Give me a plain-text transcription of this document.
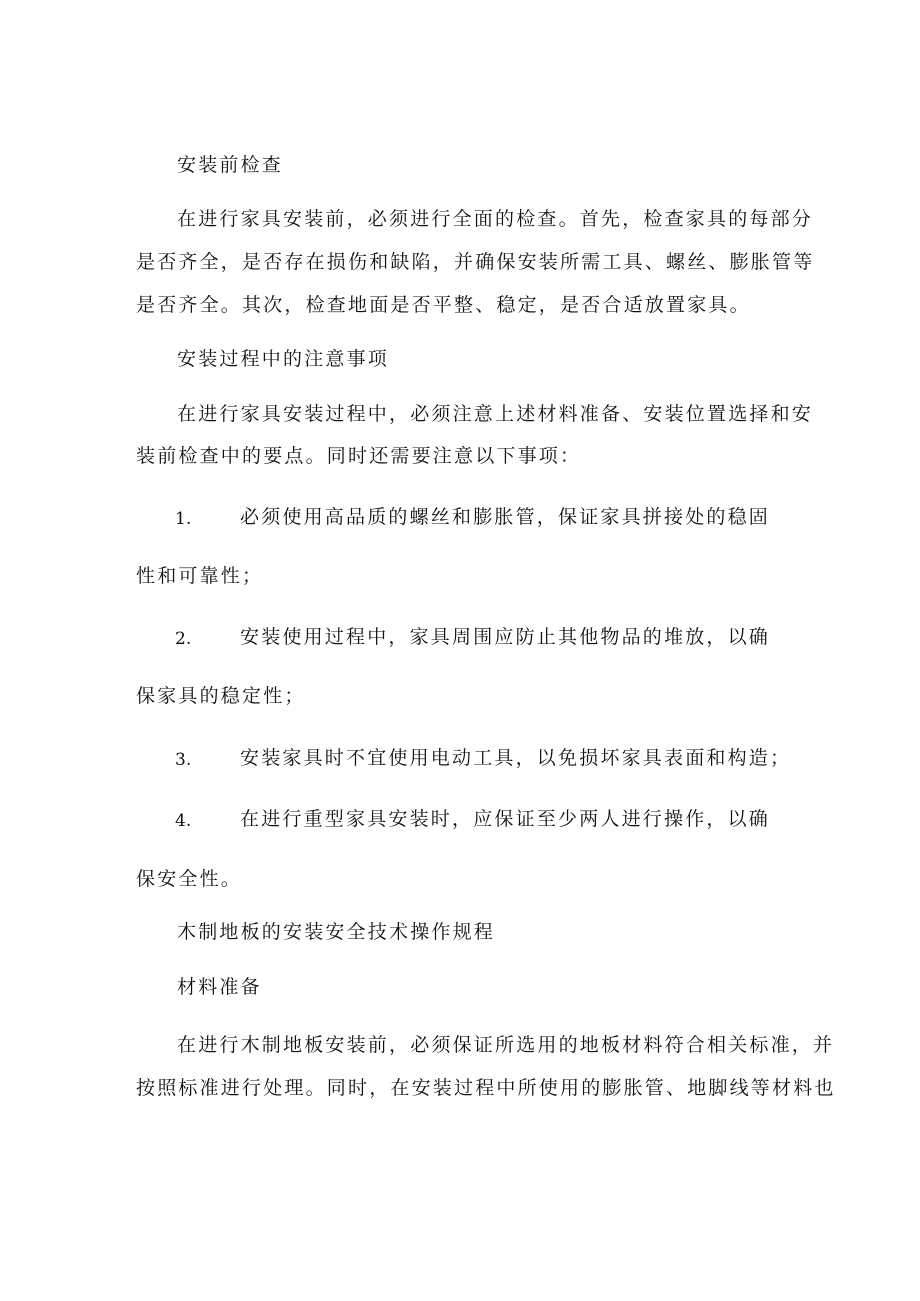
安装前检查
在进行家具安装前，必须进行全面的检查。首先，检查家具的每部分
是否齐全，是否存在损伤和缺陷，并确保安装所需工具、螺丝、膨胀管等
是否齐全。其次，检查地面是否平整、稳定，是否合适放置家具。
安装过程中的注意事项
在进行家具安装过程中，必须注意上述材料准备、安装位置选择和安
装前检查中的要点。同时还需要注意以下事项：
1.	必须使用高品质的螺丝和膨胀管，保证家具拼接处的稳固
性和可靠性；
2.	安装使用过程中，家具周围应防止其他物品的堆放，以确
保家具的稳定性；
3.	安装家具时不宜使用电动工具，以免损坏家具表面和构造；
4.	在进行重型家具安装时，应保证至少两人进行操作，以确
保安全性。
木制地板的安装安全技术操作规程
材料准备
在进行木制地板安装前，必须保证所选用的地板材料符合相关标准，并
按照标准进行处理。同时，在安装过程中所使用的膨胀管、地脚线等材料也
